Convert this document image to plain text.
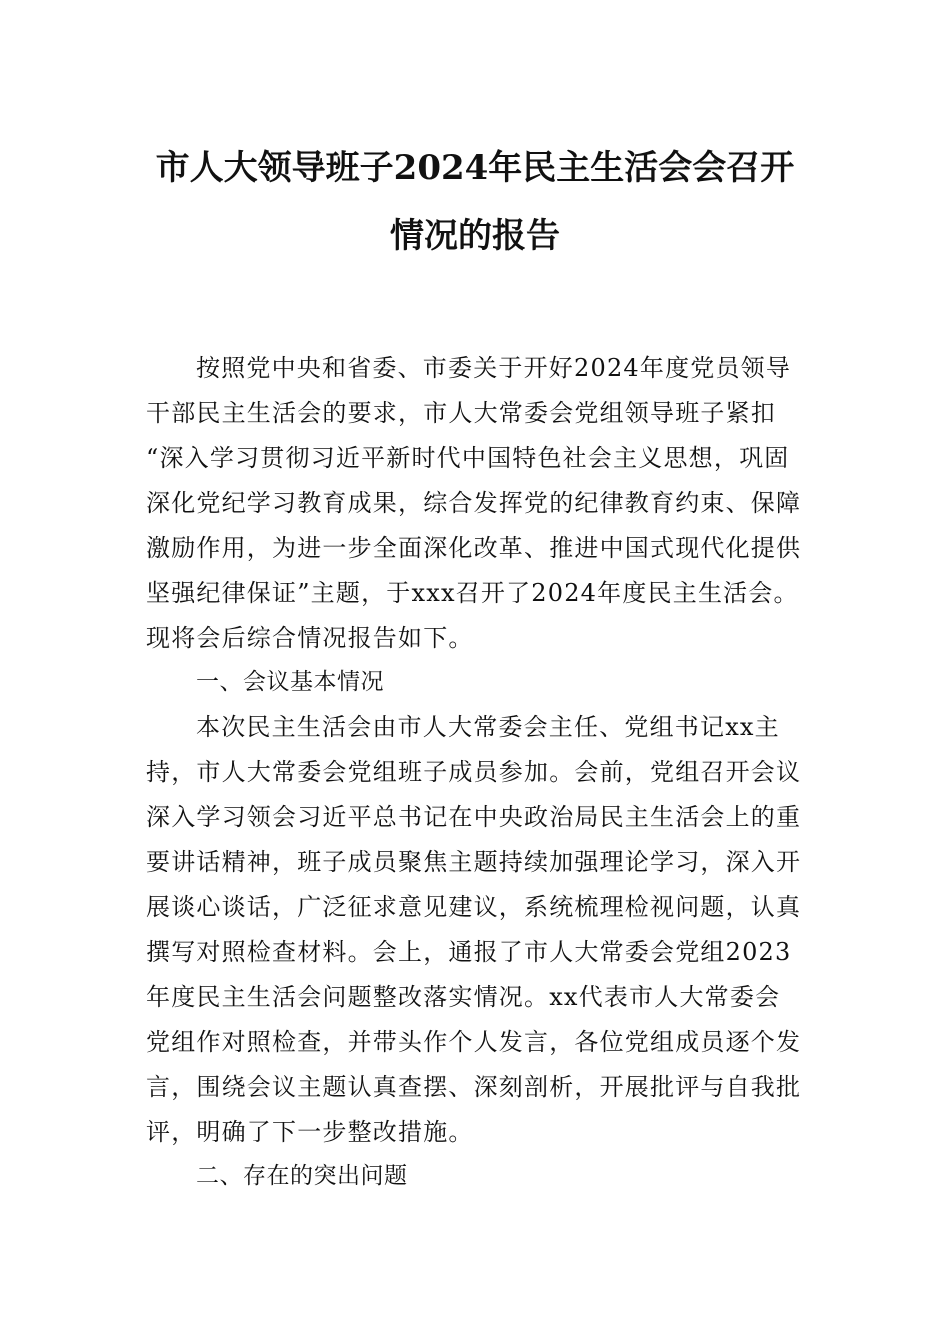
市人大领导班子2024年民主生活会会召开
情况的报告
按照党中央和省委、市委关于开好2024年度党员领导
干部民主生活会的要求，市人大常委会党组领导班子紧扣
“深入学习贯彻习近平新时代中国特色社会主义思想，巩固
深化党纪学习教育成果，综合发挥党的纪律教育约束、保障
激励作用，为进一步全面深化改革、推进中国式现代化提供
坚强纪律保证”主题，于xxx召开了2024年度民主生活会。
现将会后综合情况报告如下。
一、会议基本情况
本次民主生活会由市人大常委会主任、党组书记xx主
持，市人大常委会党组班子成员参加。会前，党组召开会议
深入学习领会习近平总书记在中央政治局民主生活会上的重
要讲话精神，班子成员聚焦主题持续加强理论学习，深入开
展谈心谈话，广泛征求意见建议，系统梳理检视问题，认真
撰写对照检查材料。会上，通报了市人大常委会党组2023
年度民主生活会问题整改落实情况。xx代表市人大常委会
党组作对照检查，并带头作个人发言，各位党组成员逐个发
言，围绕会议主题认真查摆、深刻剖析，开展批评与自我批
评，明确了下一步整改措施。
二、存在的突出问题
